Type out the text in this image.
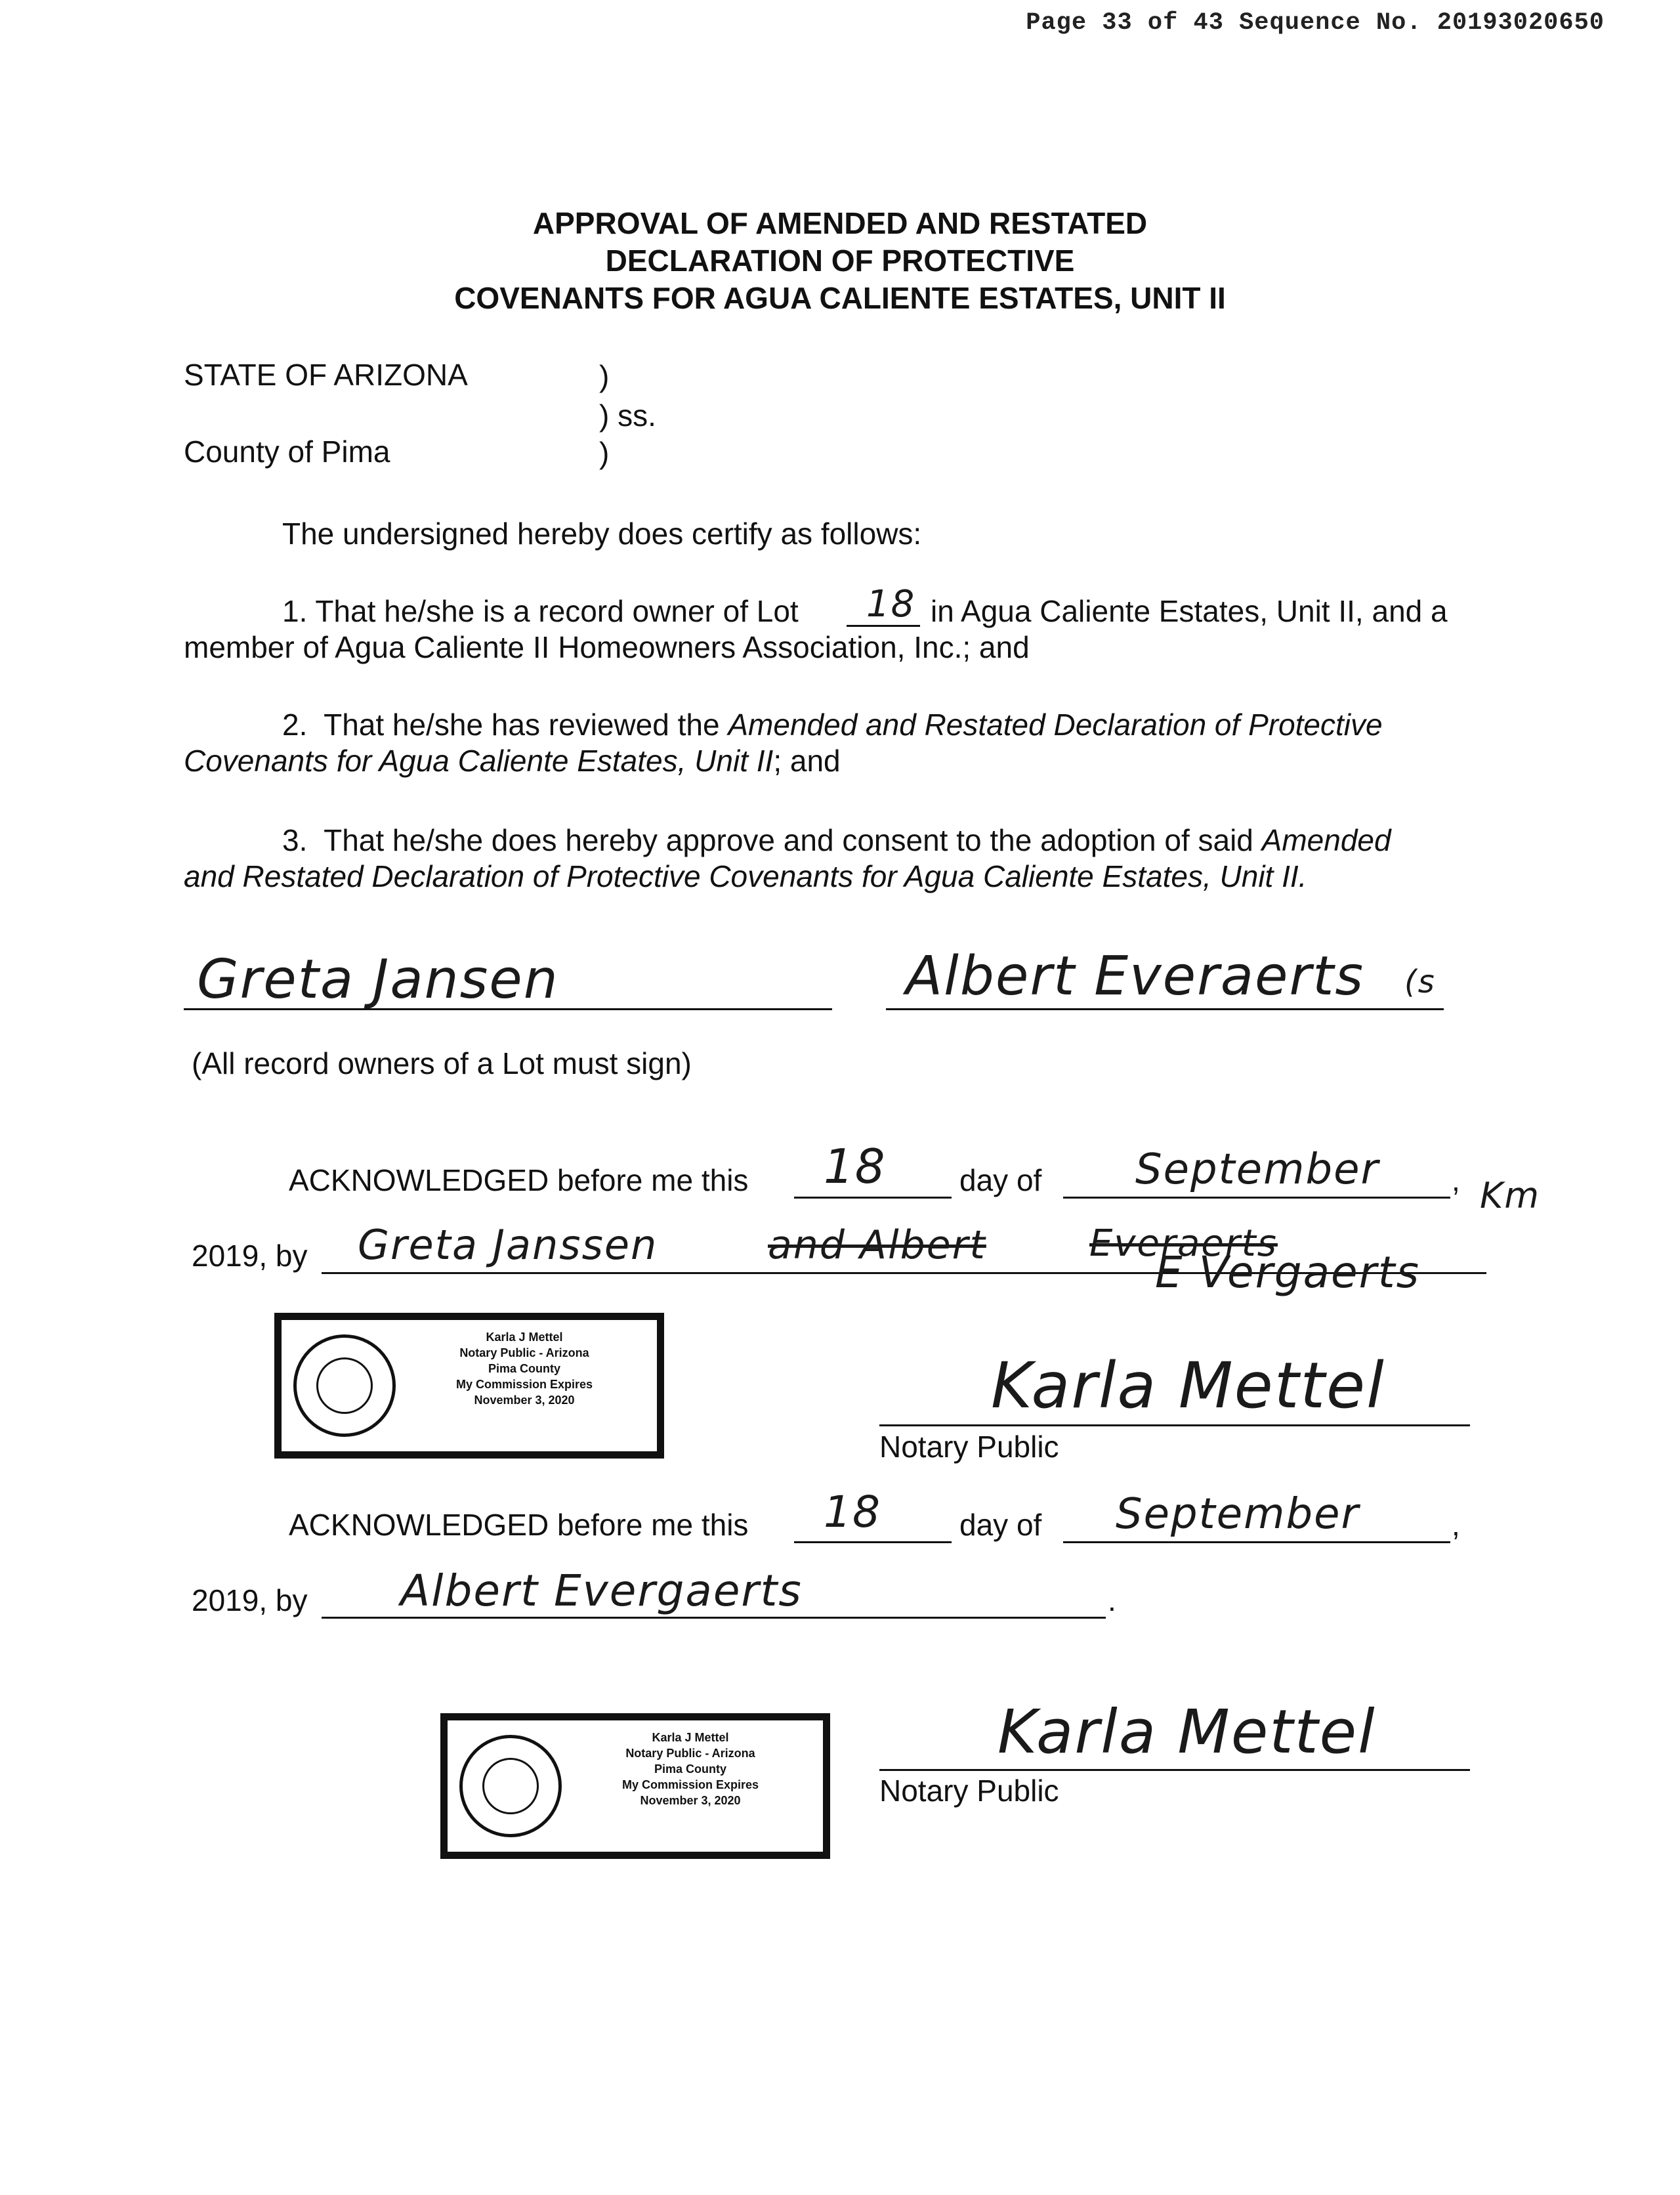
Page 33 of 43 Sequence No. 20193020650
APPROVAL OF AMENDED AND RESTATED
DECLARATION OF PROTECTIVE
COVENANTS FOR AGUA CALIENTE ESTATES, UNIT II
STATE OF ARIZONA
County of Pima
)
) ss.
)
The undersigned hereby does certify as follows:
1. That he/she is a record owner of Lot 18 in Agua Caliente Estates, Unit II, and a
member of Agua Caliente II Homeowners Association, Inc.; and
2.  That he/she has reviewed the Amended and Restated Declaration of Protective
Covenants for Agua Caliente Estates, Unit II; and
3.  That he/she does hereby approve and consent to the adoption of said Amended
and Restated Declaration of Protective Covenants for Agua Caliente Estates, Unit II.
Greta Jansen	Albert Everaerts (s
(All record owners of a Lot must sign)
ACKNOWLEDGED before me this 18 day of September , Km
2019, by Greta Janssen	and Albert	Everaerts
E Vergaerts
Karla J Mettel
Notary Public - Arizona
Pima County
My Commission Expires
November 3, 2020	Karla Mettel
Notary Public
ACKNOWLEDGED before me this 18	day of September	,
2019, by Albert Evergaerts	.
Karla J Mettel
Notary Public - Arizona
Pima County
My Commission Expires
November 3, 2020
Karla Mettel
Notary Public
